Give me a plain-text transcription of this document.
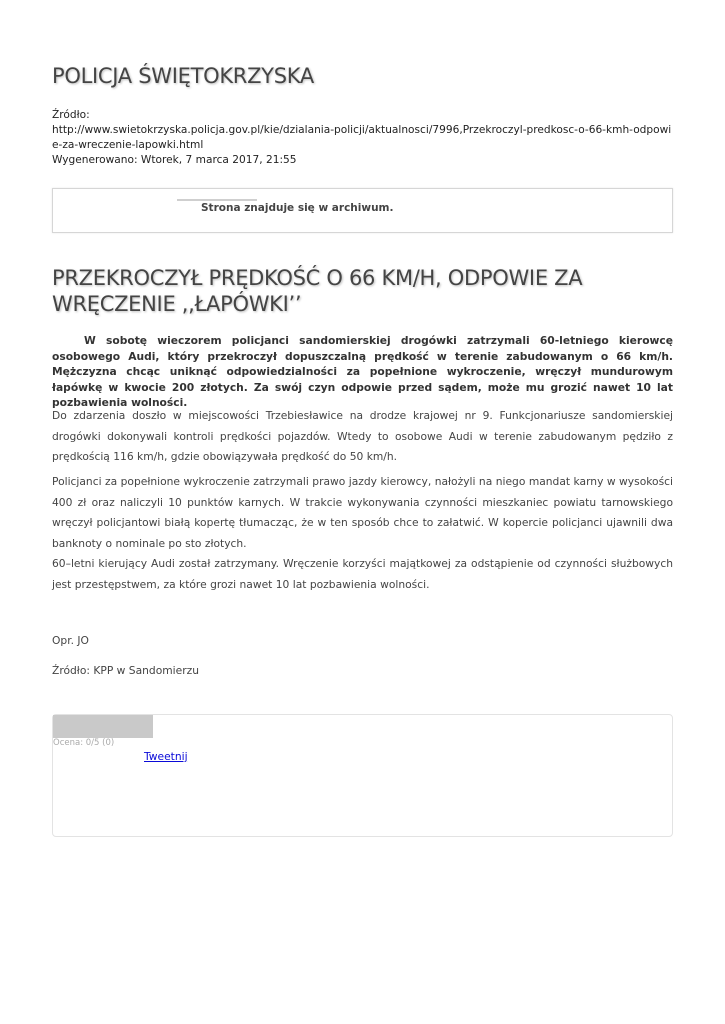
POLICJA ŚWIĘTOKRZYSKA
Źródło:
http://www.swietokrzyska.policja.gov.pl/kie/dzialania-policji/aktualnosci/7996,Przekroczyl-predkosc-o-66-kmh-odpowie-za-wreczenie-lapowki.html
Wygenerowano: Wtorek, 7 marca 2017, 21:55
Strona znajduje się w archiwum.
PRZEKROCZYŁ PRĘDKOŚĆ O 66 KM/H, ODPOWIE ZA WRĘCZENIE ,,ŁAPÓWKI’’

W sobotę wieczorem policjanci sandomierskiej drogówki zatrzymali 60-letniego kierowcę osobowego Audi, który przekroczył dopuszczalną prędkość w terenie zabudowanym o 66 km/h. Mężczyzna chcąc uniknąć odpowiedzialności za popełnione wykroczenie, wręczył mundurowym łapówkę w kwocie 200 złotych. Za swój czyn odpowie przed sądem, może mu grozić nawet 10 lat pozbawienia wolności.

Do zdarzenia doszło w miejscowości Trzebiesławice na drodze krajowej nr 9. Funkcjonariusze sandomierskiej drogówki dokonywali kontroli prędkości pojazdów. Wtedy to osobowe Audi w terenie zabudowanym pędziło z prędkością 116 km/h, gdzie obowiązywała prędkość do 50 km/h.

Policjanci za popełnione wykroczenie zatrzymali prawo jazdy kierowcy, nałożyli na niego mandat karny w wysokości 400 zł oraz naliczyli 10 punktów karnych. W trakcie wykonywania czynności mieszkaniec powiatu tarnowskiego wręczył policjantowi białą kopertę tłumacząc, że w ten sposób chce to załatwić. W kopercie policjanci ujawnili dwa banknoty o nominale po sto złotych.

60–letni kierujący Audi został zatrzymany. Wręczenie korzyści majątkowej za odstąpienie od czynności służbowych jest przestępstwem, za które grozi nawet 10 lat pozbawienia wolności.

Opr. JO

Źródło: KPP w Sandomierzu

Ocena: 0/5 (0)
Tweetnij
